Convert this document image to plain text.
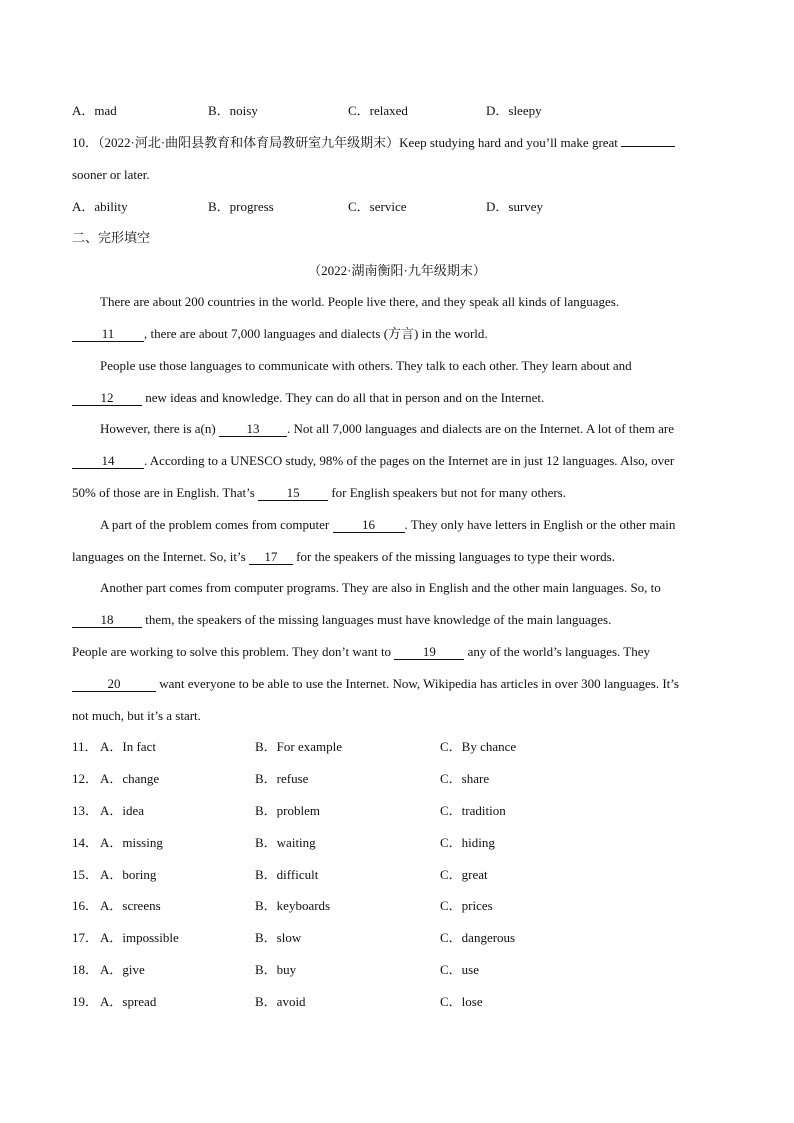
A．mad	B．noisy	C．relaxed	D．sleepy
10．（2022·河北·曲阳县教育和体育局教研室九年级期末）Keep studying hard and you’ll make great
sooner or later.
A．ability	B．progress	C．service	D．survey
二、完形填空
（2022·湖南衡阳·九年级期末）
There are about 200 countries in the world. People live there, and they speak all kinds of languages.
11 , there are about 7,000 languages and dialects (方言) in the world.
People use those languages to communicate with others. They talk to each other. They learn about and
12 new ideas and knowledge. They can do all that in person and on the Internet.
However, there is a(n) 13 . Not all 7,000 languages and dialects are on the Internet. A lot of them are
14 . According to a UNESCO study, 98% of the pages on the Internet are in just 12 languages. Also, over
50% of those are in English. That’s 15 for English speakers but not for many others.
A part of the problem comes from computer 16 . They only have letters in English or the other main
languages on the Internet. So, it’s 17 for the speakers of the missing languages to type their words.
Another part comes from computer programs. They are also in English and the other main languages. So, to
18 them, the speakers of the missing languages must have knowledge of the main languages.
People are working to solve this problem. They don’t want to 19 any of the world’s languages. They
20	want everyone to be able to use the Internet. Now, Wikipedia has articles in over 300 languages. It’s
not much, but it’s a start.
11． A．In fact	B．For example	C．By chance
12． A．change	B．refuse	C．share
13． A．idea	B．problem	C．tradition
14． A．missing	B．waiting	C．hiding
15． A．boring	B．difficult	C．great
16． A．screens	B．keyboards	C．prices
17． A．impossible	B．slow	C．dangerous
18． A．give	B．buy	C．use
19． A．spread	B．avoid	C．lose
